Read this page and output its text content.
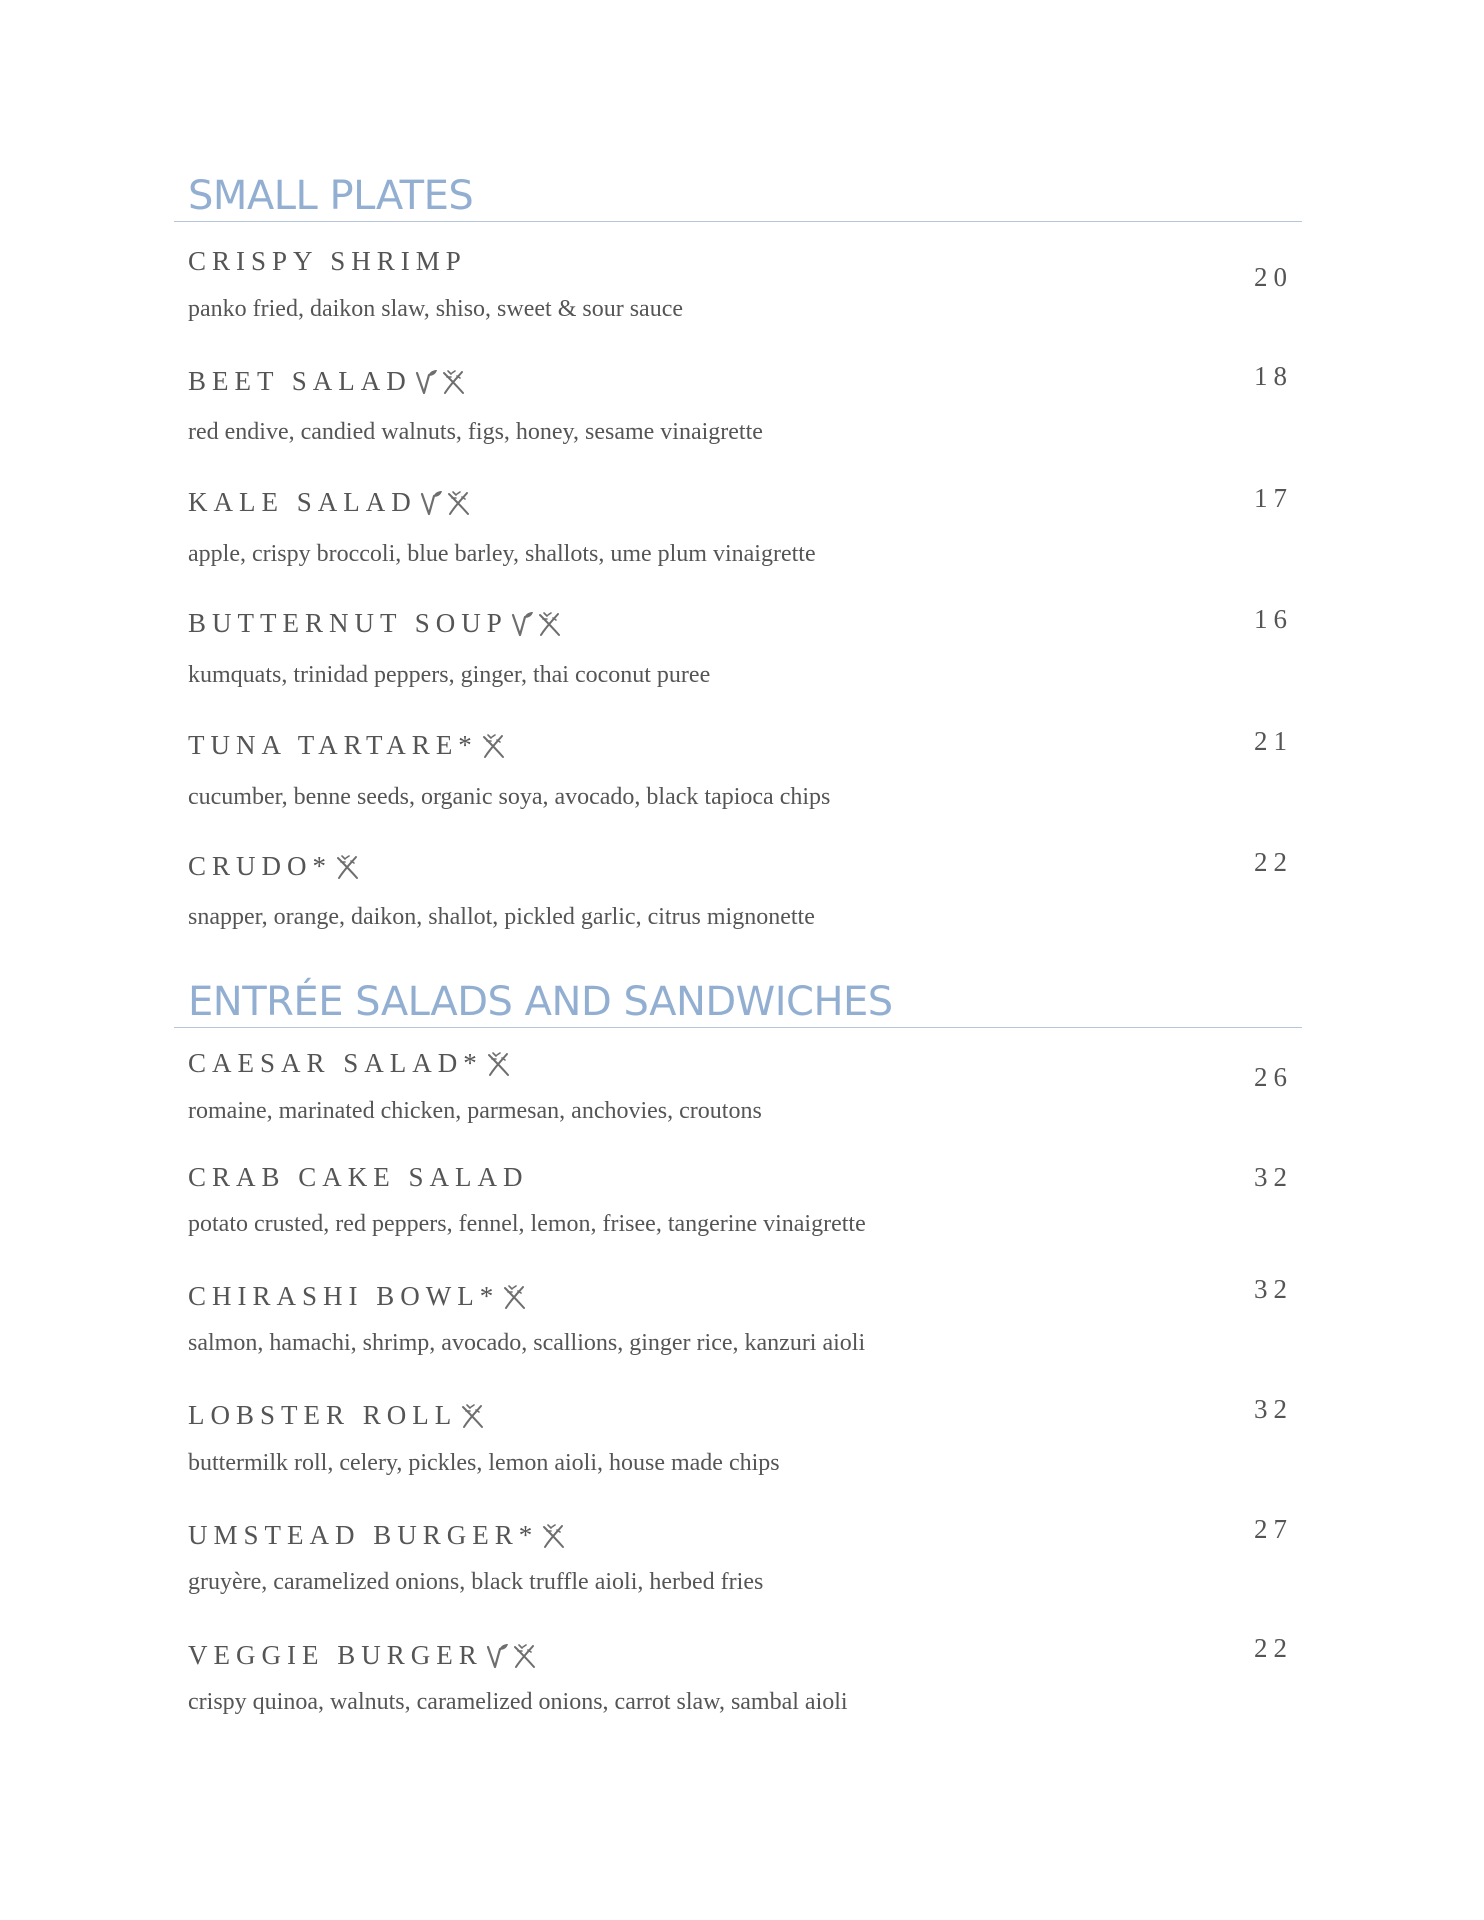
SMALL PLATES
ENTRÉE SALADS AND SANDWICHES
CRISPY SHRIMP
panko fried, daikon slaw, shiso, sweet & sour sauce
20
BEET SALAD
red endive, candied walnuts, figs, honey, sesame vinaigrette
18
KALE SALAD
apple, crispy broccoli, blue barley, shallots, ume plum vinaigrette
17
BUTTERNUT SOUP
kumquats, trinidad peppers, ginger, thai coconut puree
16
TUNA TARTARE*
cucumber, benne seeds, organic soya, avocado, black tapioca chips
21
CRUDO*
snapper, orange, daikon, shallot, pickled garlic, citrus mignonette
22
CAESAR SALAD*
romaine, marinated chicken, parmesan, anchovies, croutons
26
CRAB CAKE SALAD
potato crusted, red peppers, fennel, lemon, frisee, tangerine vinaigrette
32
CHIRASHI BOWL*
salmon, hamachi, shrimp, avocado, scallions, ginger rice, kanzuri aioli
32
LOBSTER ROLL
buttermilk roll, celery, pickles, lemon aioli, house made chips
32
UMSTEAD BURGER*
gruyère, caramelized onions, black truffle aioli, herbed fries
27
VEGGIE BURGER
crispy quinoa, walnuts, caramelized onions, carrot slaw, sambal aioli
22
